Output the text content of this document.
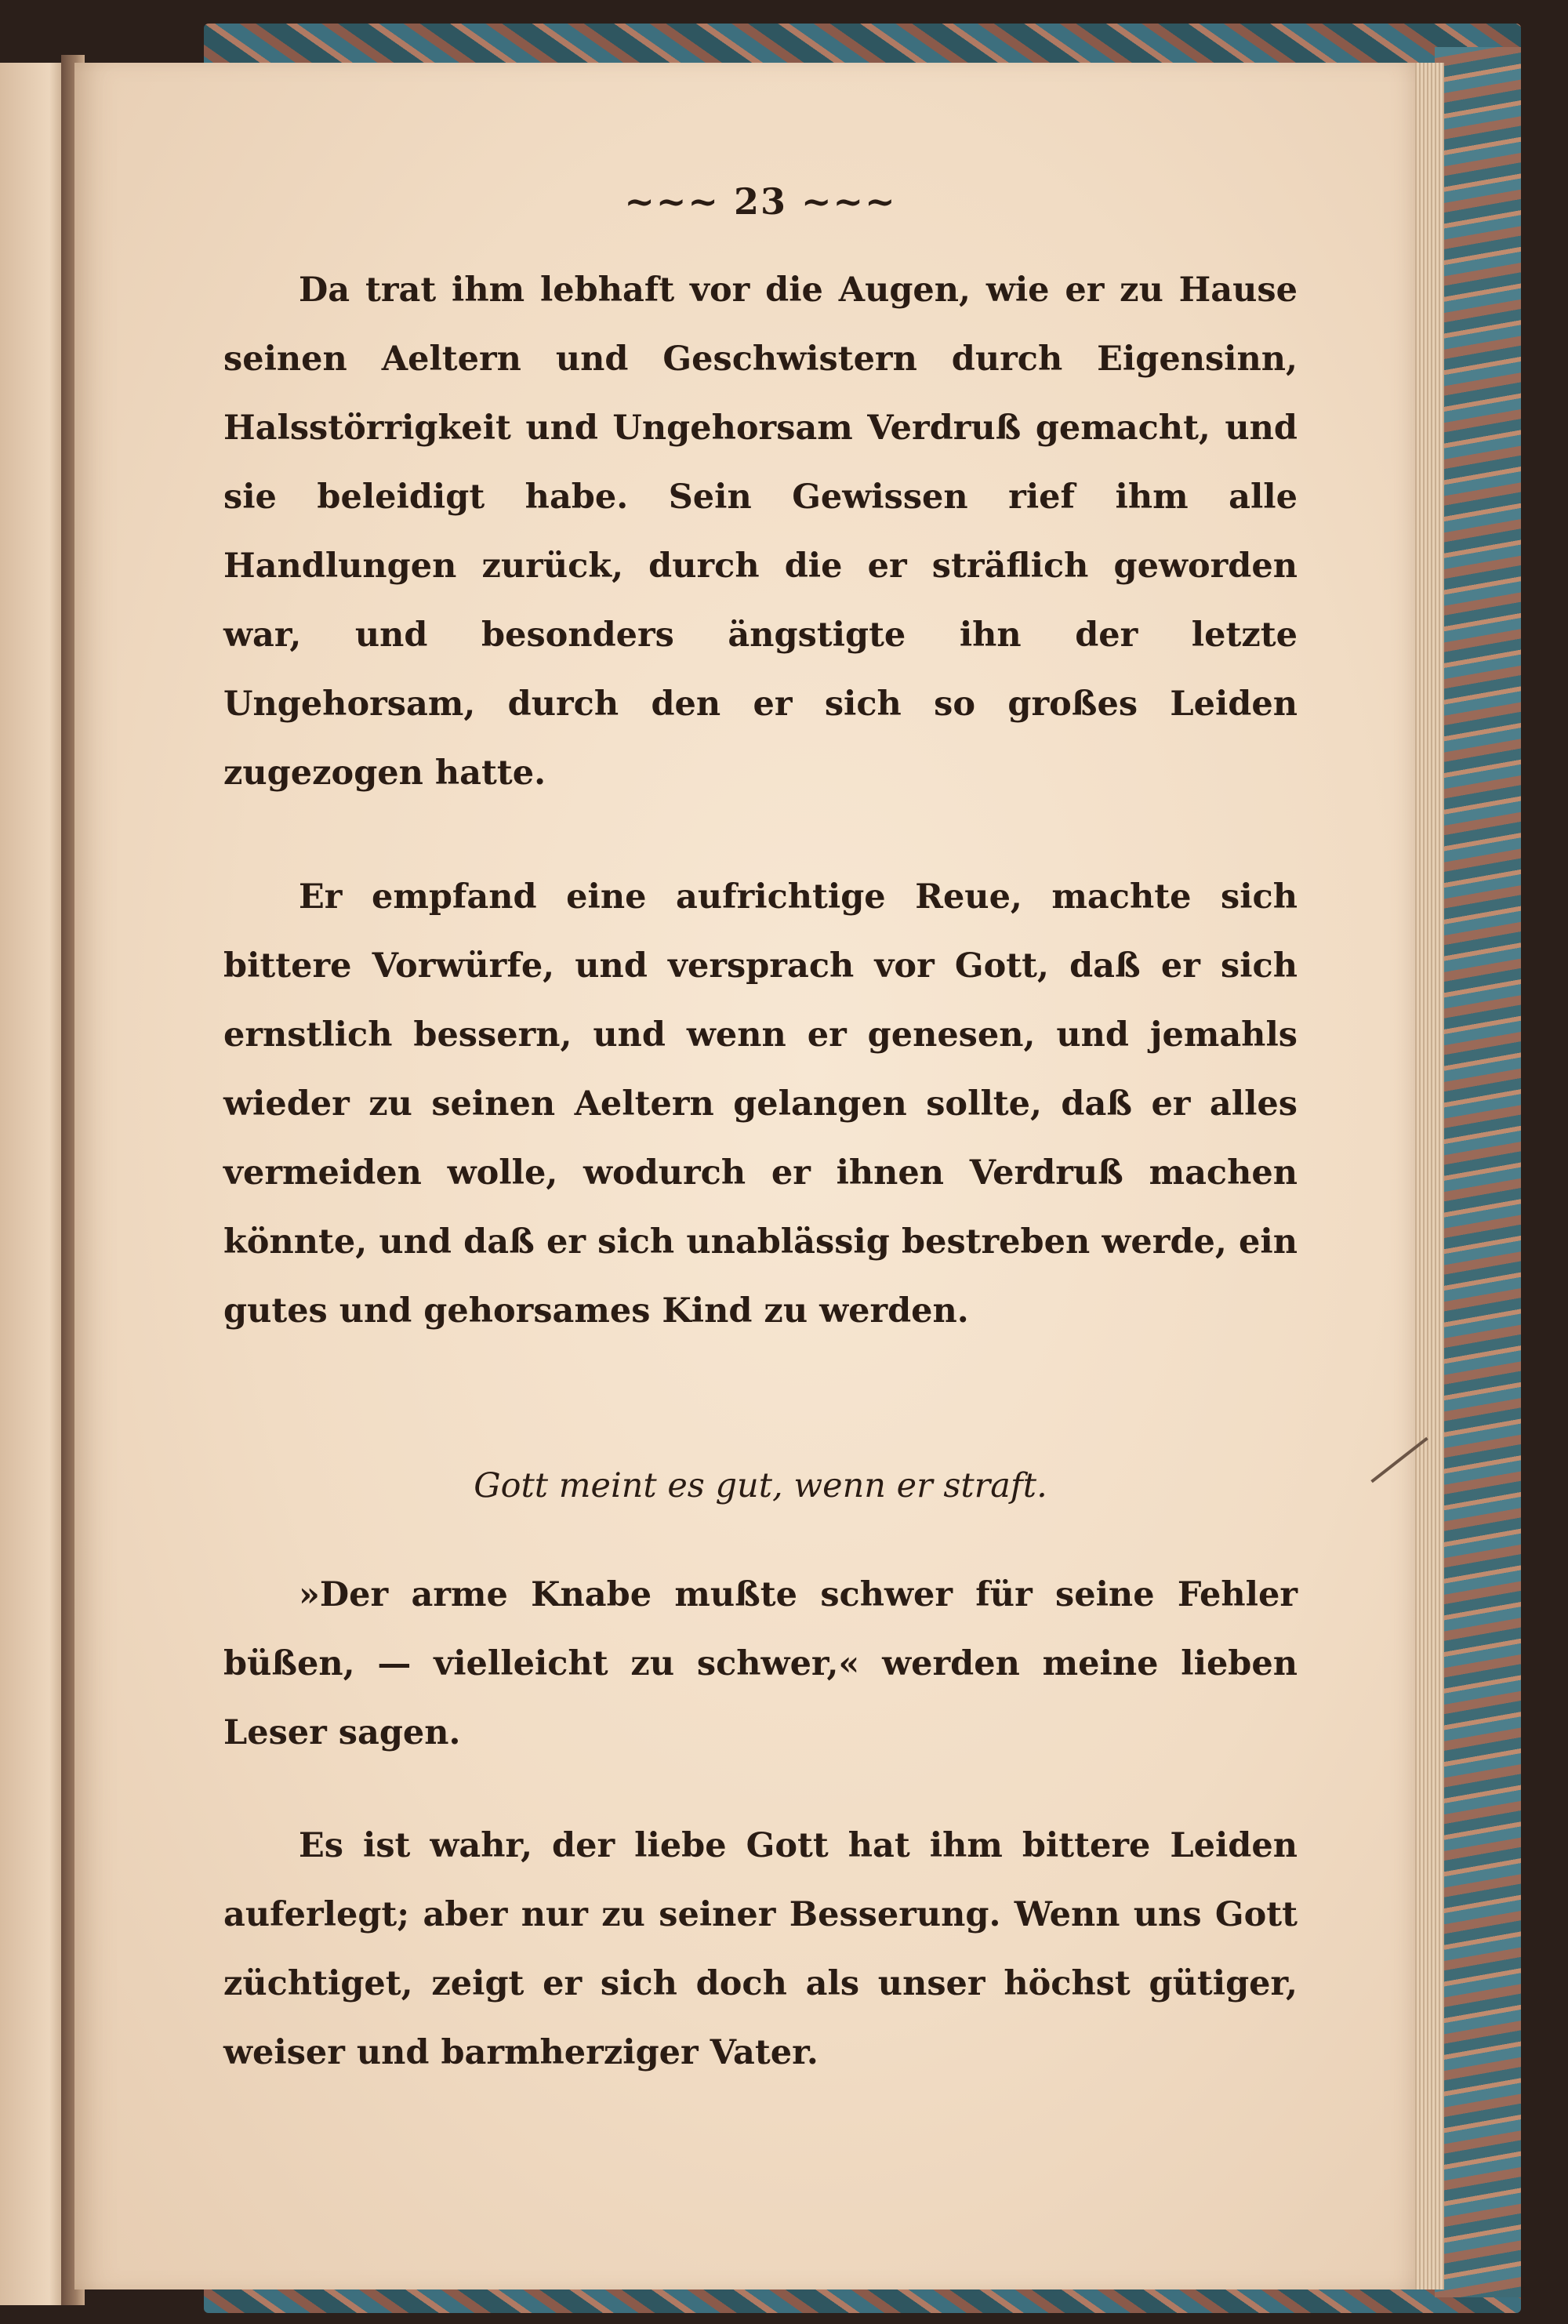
~~~ 23 ~~~
Da trat ihm lebhaft vor die Augen, wie er zu Hause seinen Aeltern und Geschwistern durch Eigensinn, Halsstörrigkeit und Ungehorsam Verdruß gemacht, und sie beleidigt habe. Sein Gewissen rief ihm alle Handlungen zurück, durch die er sträflich geworden war, und besonders ängstigte ihn der letzte Ungehorsam, durch den er sich so großes Leiden zugezogen hatte.
Er empfand eine aufrichtige Reue, machte sich bittere Vorwürfe, und versprach vor Gott, daß er sich ernstlich bessern, und wenn er genesen, und jemahls wieder zu seinen Aeltern gelangen sollte, daß er alles vermeiden wolle, wodurch er ihnen Verdruß machen könnte, und daß er sich unablässig bestreben werde, ein gutes und gehorsames Kind zu werden.
Gott meint es gut, wenn er straft.
»Der arme Knabe mußte schwer für seine Fehler büßen, — vielleicht zu schwer,« werden meine lieben Leser sagen.
Es ist wahr, der liebe Gott hat ihm bittere Leiden auferlegt; aber nur zu seiner Besserung. Wenn uns Gott züchtiget, zeigt er sich doch als unser höchst gütiger, weiser und barmherziger Vater.
